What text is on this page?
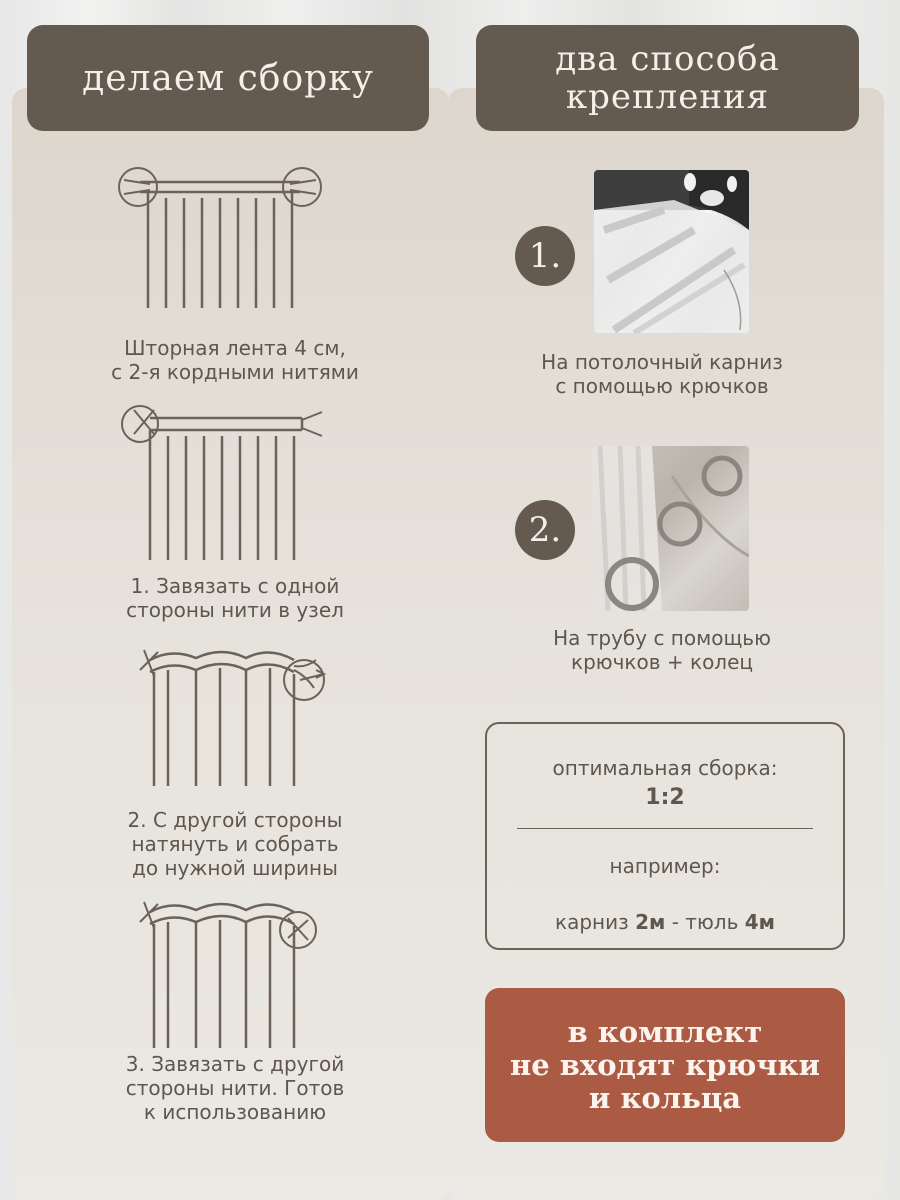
делаем сборку	два способа
крепления
Шторная лента 4 см,
с 2-я кордными нитями
1. Завязать с одной
стороны нити в узел
2. С другой стороны
натянуть и собрать
до нужной ширины
3. Завязать с другой
стороны нити. Готов
к использованию
1.
На потолочный карниз
с помощью крючков
2.
На трубу с помощью
крючков + колец
оптимальная сборка:
1:2
например:

карниз 2м - тюль 4м

в комплект
не входят крючки
и кольца
